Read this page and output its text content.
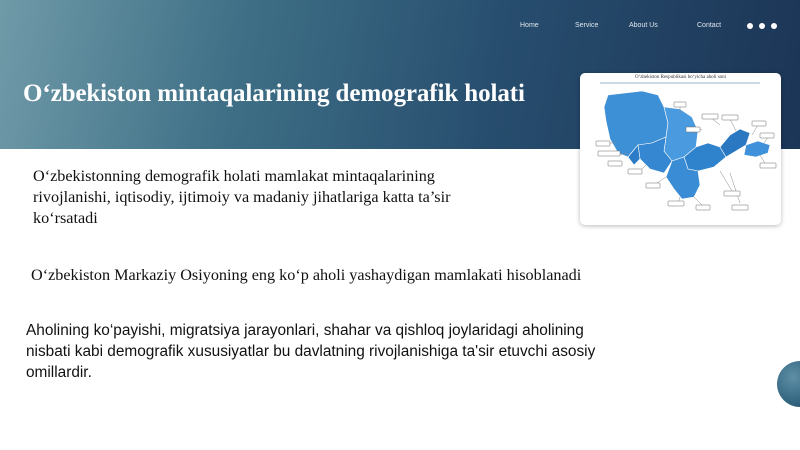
Home	Service	About Us	Contact
O‘zbekiston mintaqalarining demografik holati

O‘zbekistonning demografik holati mamlakat mintaqalarining rivojlanishi, iqtisodiy, ijtimoiy va madaniy jihatlariga katta ta’sir ko‘rsatadi

O‘zbekiston Markaziy Osiyoning eng ko‘p aholi yashaydigan mamlakati hisoblanadi

Aholining ko‘payishi, migratsiya jarayonlari, shahar va qishloq joylaridagi aholining nisbati kabi demografik xususiyatlar bu davlatning rivojlanishiga ta'sir etuvchi asosiy omillardir.

O‘zbekiston Respublikasi bo‘yicha aholi soni
